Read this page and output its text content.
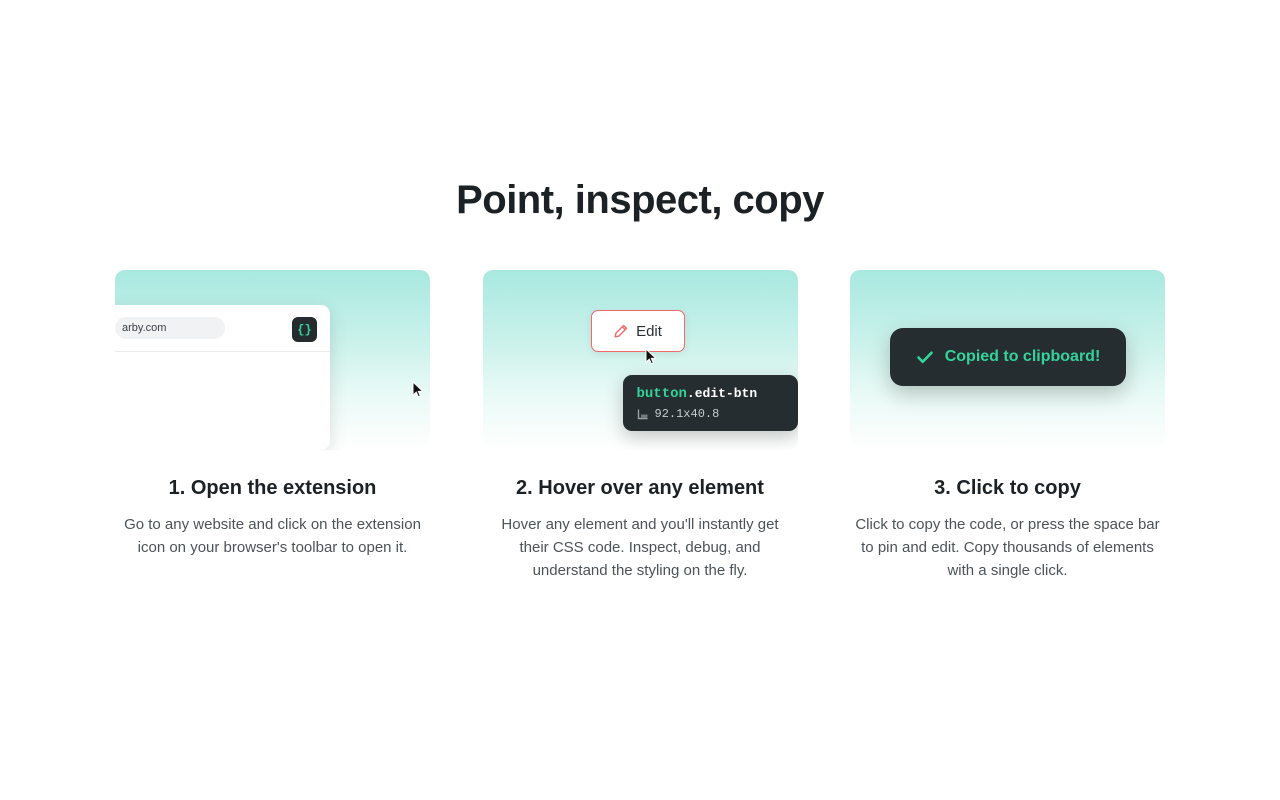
Point, inspect, copy
arby.com	{}
1. Open the extension
Go to any website and click on the extension icon on your browser's toolbar to open it.
Edit
button.edit-btn
92.1x40.8
2. Hover over any element
Hover any element and you'll instantly get their CSS code. Inspect, debug, and understand the styling on the fly.
Copied to clipboard!
3. Click to copy
Click to copy the code, or press the space bar to pin and edit. Copy thousands of elements with a single click.
